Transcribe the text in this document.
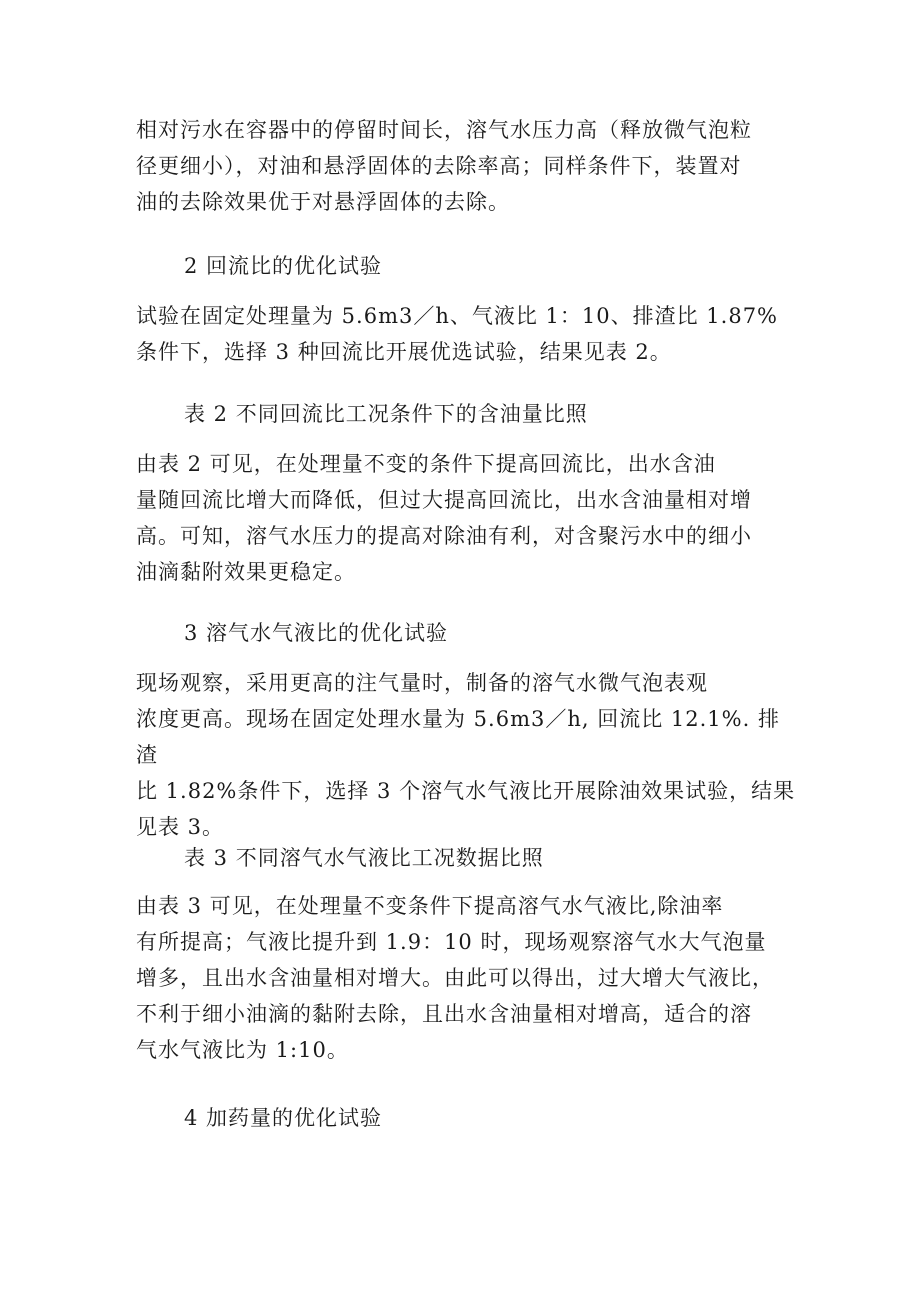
相对污水在容器中的停留时间长，溶气水压力高（释放微气泡粒
径更细小），对油和悬浮固体的去除率高；同样条件下，装置对
油的去除效果优于对悬浮固体的去除。

2 回流比的优化试验

试验在固定处理量为 5.6m3／h、气液比 1：10、排渣比 1.87%
条件下，选择 3 种回流比开展优选试验，结果见表 2。

表 2 不同回流比工况条件下的含油量比照

由表 2 可见，在处理量不变的条件下提高回流比，出水含油
量随回流比增大而降低，但过大提高回流比，出水含油量相对增
高。可知，溶气水压力的提高对除油有利，对含聚污水中的细小
油滴黏附效果更稳定。

3 溶气水气液比的优化试验

现场观察，采用更高的注气量时，制备的溶气水微气泡表观
浓度更高。现场在固定处理水量为 5.6m3／h, 回流比 12.1%. 排渣
比 1.82%条件下，选择 3 个溶气水气液比开展除油效果试验，结果
见表 3。

表 3 不同溶气水气液比工况数据比照

由表 3 可见，在处理量不变条件下提高溶气水气液比,除油率
有所提高；气液比提升到 1.9：10 时，现场观察溶气水大气泡量
增多，且出水含油量相对增大。由此可以得出，过大增大气液比，
不利于细小油滴的黏附去除，且出水含油量相对增高，适合的溶
气水气液比为 1:10。

4 加药量的优化试验
